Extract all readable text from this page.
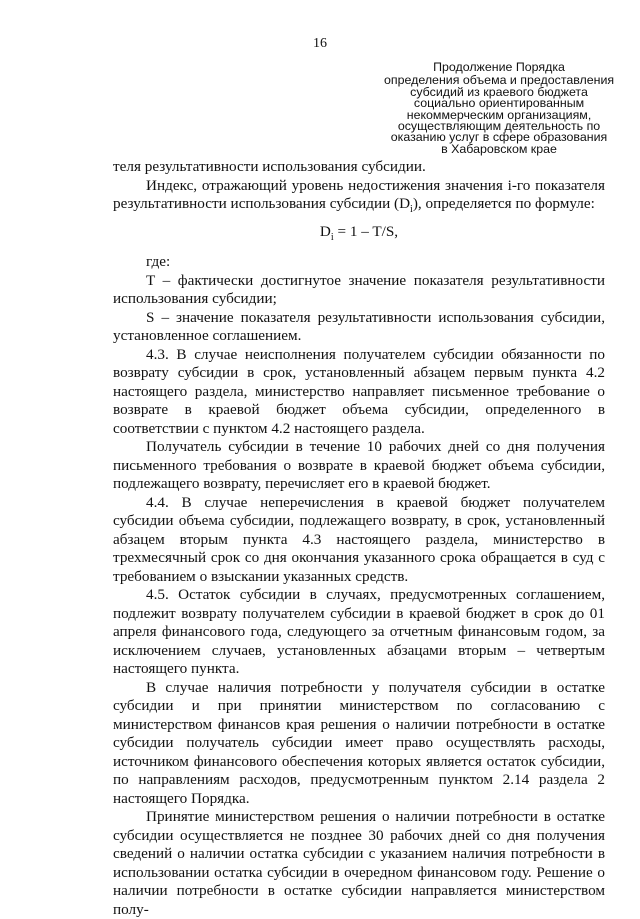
16
Продолжение Порядка
определения объема и предоставления
субсидий из краевого бюджета
социально ориентированным
некоммерческим организациям,
осуществляющим деятельность по
оказанию услуг в сфере образования
в Хабаровском крае

теля результативности использования субсидии.

Индекс, отражающий уровень недостижения значения i-го показателя результативности использования субсидии $(D_i)$, определяется по формуле:

$D_i = 1 - T/S$,

где:

T – фактически достигнутое значение показателя результативности использования субсидии;

S – значение показателя результативности использования субсидии, установленное соглашением.

4.3. В случае неисполнения получателем субсидии обязанности по возврату субсидии в срок, установленный абзацем первым пункта 4.2 настоящего раздела, министерство направляет письменное требование о возврате в краевой бюджет объема субсидии, определенного в соответствии с пунктом 4.2 настоящего раздела.

Получатель субсидии в течение 10 рабочих дней со дня получения письменного требования о возврате в краевой бюджет объема субсидии, подлежащего возврату, перечисляет его в краевой бюджет.

4.4. В случае неперечисления в краевой бюджет получателем субсидии объема субсидии, подлежащего возврату, в срок, установленный абзацем вторым пункта 4.3 настоящего раздела, министерство в трехмесячный срок со дня окончания указанного срока обращается в суд с требованием о взыскании указанных средств.

4.5. Остаток субсидии в случаях, предусмотренных соглашением, подлежит возврату получателем субсидии в краевой бюджет в срок до 01 апреля финансового года, следующего за отчетным финансовым годом, за исключением случаев, установленных абзацами вторым – четвертым настоящего пункта.

В случае наличия потребности у получателя субсидии в остатке субсидии и при принятии министерством по согласованию с министерством финансов края решения о наличии потребности в остатке субсидии получатель субсидии имеет право осуществлять расходы, источником финансового обеспечения которых является остаток субсидии, по направлениям расходов, предусмотренным пунктом 2.14 раздела 2 настоящего Порядка.

Принятие министерством решения о наличии потребности в остатке субсидии осуществляется не позднее 30 рабочих дней со дня получения сведений о наличии остатка субсидии с указанием наличия потребности в использовании остатка субсидии в очередном финансовом году. Решение о наличии потребности в остатке субсидии направляется министерством полу-
